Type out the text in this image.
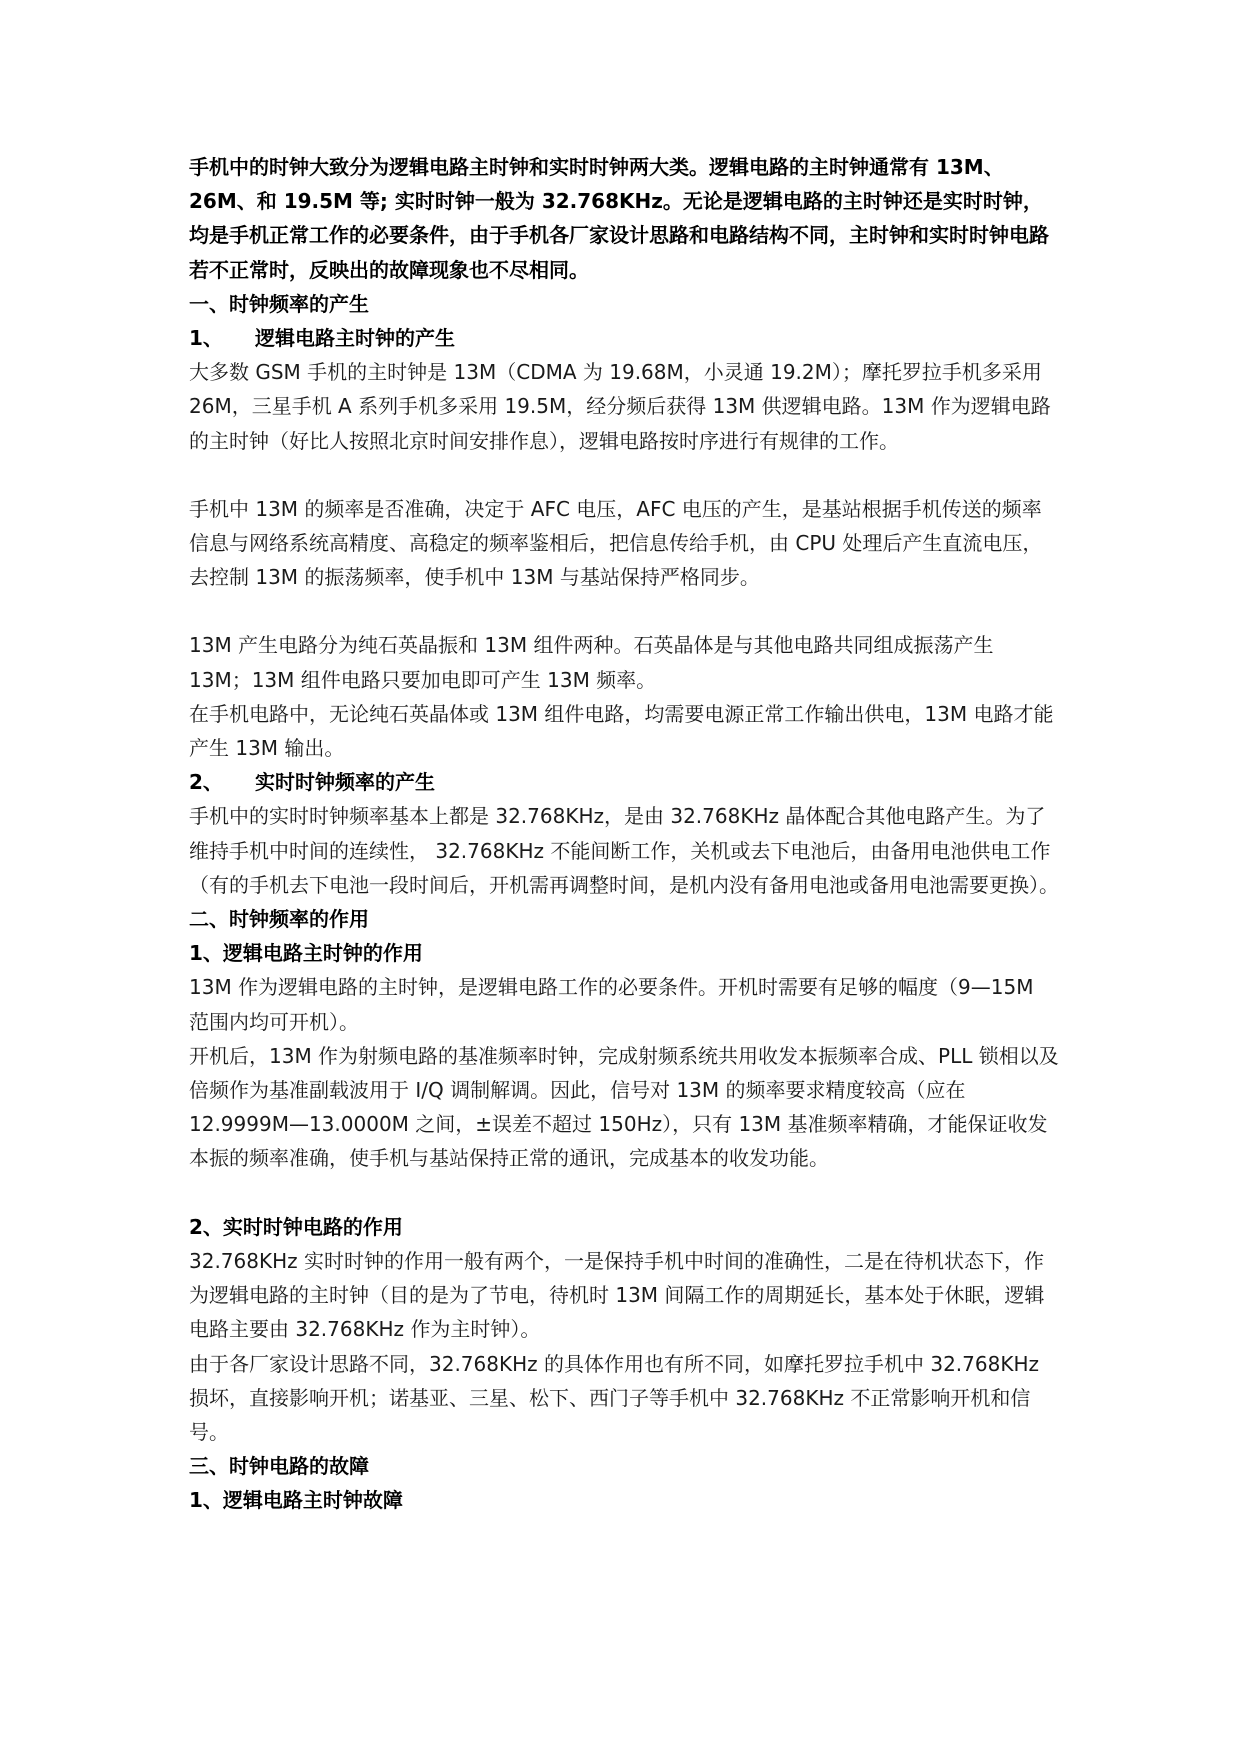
手机中的时钟大致分为逻辑电路主时钟和实时时钟两大类。逻辑电路的主时钟通常有 13M、26M、和 19.5M 等; 实时时钟一般为 32.768KHz。无论是逻辑电路的主时钟还是实时时钟，均是手机正常工作的必要条件，由于手机各厂家设计思路和电路结构不同，主时钟和实时时钟电路若不正常时，反映出的故障现象也不尽相同。

一、时钟频率的产生

1、 逻辑电路主时钟的产生

大多数 GSM 手机的主时钟是 13M（CDMA 为 19.68M，小灵通 19.2M）；摩托罗拉手机多采用 26M，三星手机 A 系列手机多采用 19.5M，经分频后获得 13M 供逻辑电路。13M 作为逻辑电路的主时钟（好比人按照北京时间安排作息），逻辑电路按时序进行有规律的工作。

手机中 13M 的频率是否准确，决定于 AFC 电压，AFC 电压的产生，是基站根据手机传送的频率信息与网络系统高精度、高稳定的频率鉴相后，把信息传给手机，由 CPU 处理后产生直流电压，去控制 13M 的振荡频率，使手机中 13M 与基站保持严格同步。

13M 产生电路分为纯石英晶振和 13M 组件两种。石英晶体是与其他电路共同组成振荡产生 13M；13M 组件电路只要加电即可产生 13M 频率。

在手机电路中，无论纯石英晶体或 13M 组件电路，均需要电源正常工作输出供电，13M 电路才能产生 13M 输出。

2、 实时时钟频率的产生

手机中的实时时钟频率基本上都是 32.768KHz，是由 32.768KHz 晶体配合其他电路产生。为了维持手机中时间的连续性， 32.768KHz 不能间断工作，关机或去下电池后，由备用电池供电工作（有的手机去下电池一段时间后，开机需再调整时间，是机内没有备用电池或备用电池需要更换）。

二、时钟频率的作用

1、逻辑电路主时钟的作用

13M 作为逻辑电路的主时钟，是逻辑电路工作的必要条件。开机时需要有足够的幅度（9—15M 范围内均可开机）。

开机后，13M 作为射频电路的基准频率时钟，完成射频系统共用收发本振频率合成、PLL 锁相以及倍频作为基准副载波用于 I/Q 调制解调。因此，信号对 13M 的频率要求精度较高（应在 12.9999M—13.0000M 之间，±误差不超过 150Hz），只有 13M 基准频率精确，才能保证收发本振的频率准确，使手机与基站保持正常的通讯，完成基本的收发功能。

2、实时时钟电路的作用

32.768KHz 实时时钟的作用一般有两个，一是保持手机中时间的准确性，二是在待机状态下，作为逻辑电路的主时钟（目的是为了节电，待机时 13M 间隔工作的周期延长，基本处于休眠，逻辑电路主要由 32.768KHz 作为主时钟）。

由于各厂家设计思路不同，32.768KHz 的具体作用也有所不同，如摩托罗拉手机中 32.768KHz 损坏，直接影响开机；诺基亚、三星、松下、西门子等手机中 32.768KHz 不正常影响开机和信号。

三、时钟电路的故障

1、逻辑电路主时钟故障
